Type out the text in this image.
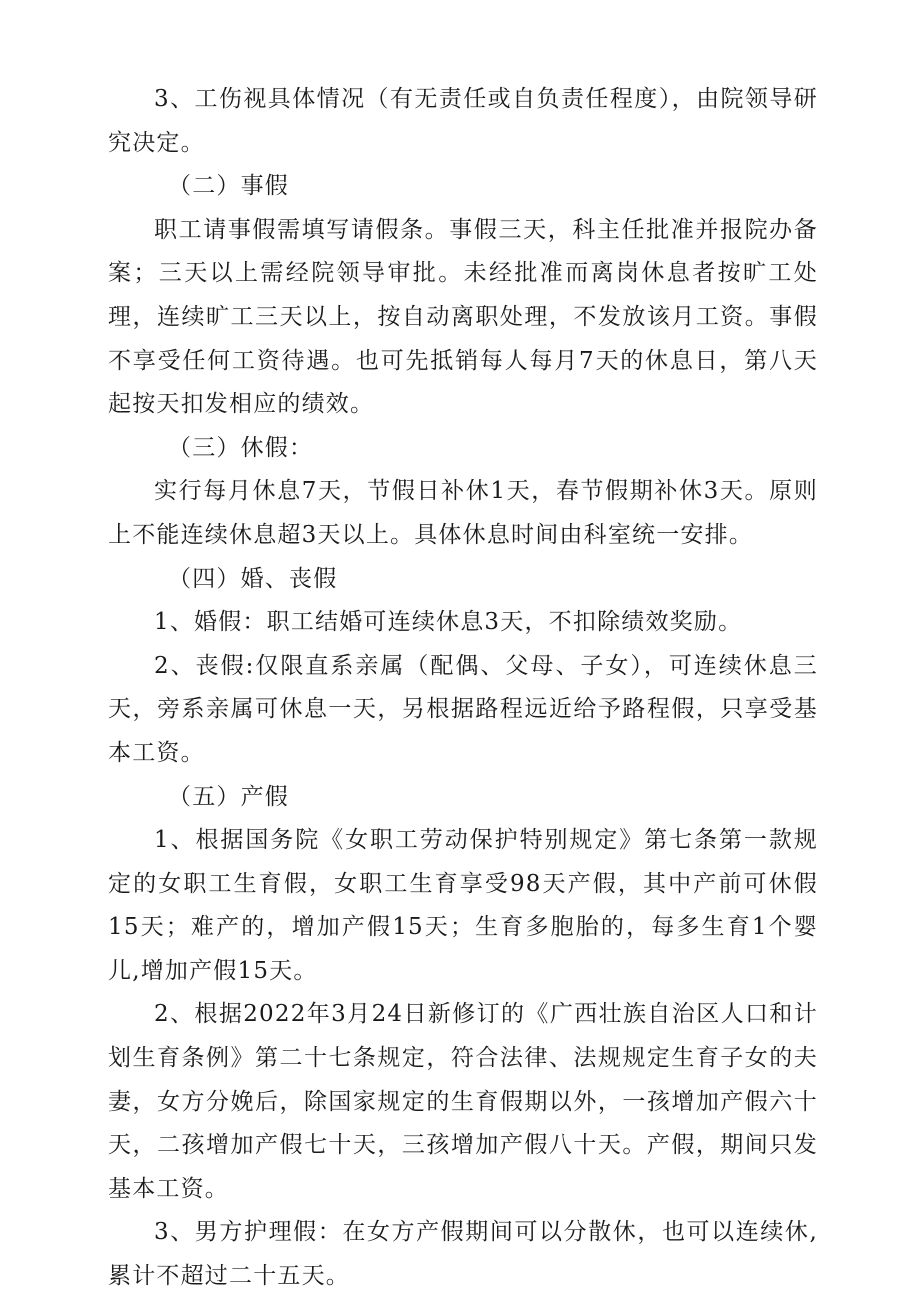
3、工伤视具体情况（有无责任或自负责任程度），由院领导研究决定。

（二）事假

职工请事假需填写请假条。事假三天，科主任批准并报院办备案；三天以上需经院领导审批。未经批准而离岗休息者按旷工处理，连续旷工三天以上，按自动离职处理，不发放该月工资。事假不享受任何工资待遇。也可先抵销每人每月7天的休息日，第八天起按天扣发相应的绩效。

（三）休假：

实行每月休息7天，节假日补休1天，春节假期补休3天。原则上不能连续休息超3天以上。具体休息时间由科室统一安排。

（四）婚、丧假

1、婚假：职工结婚可连续休息3天，不扣除绩效奖励。

2、丧假:仅限直系亲属（配偶、父母、子女），可连续休息三天，旁系亲属可休息一天，另根据路程远近给予路程假，只享受基本工资。

（五）产假

1、根据国务院《女职工劳动保护特别规定》第七条第一款规定的女职工生育假，女职工生育享受98天产假，其中产前可休假15天；难产的，增加产假15天；生育多胞胎的，每多生育1个婴儿,增加产假15天。

2、根据2022年3月24日新修订的《广西壮族自治区人口和计划生育条例》第二十七条规定，符合法律、法规规定生育子女的夫妻，女方分娩后，除国家规定的生育假期以外，一孩增加产假六十天，二孩增加产假七十天，三孩增加产假八十天。产假，期间只发基本工资。

3、男方护理假：在女方产假期间可以分散休，也可以连续休,累计不超过二十五天。
